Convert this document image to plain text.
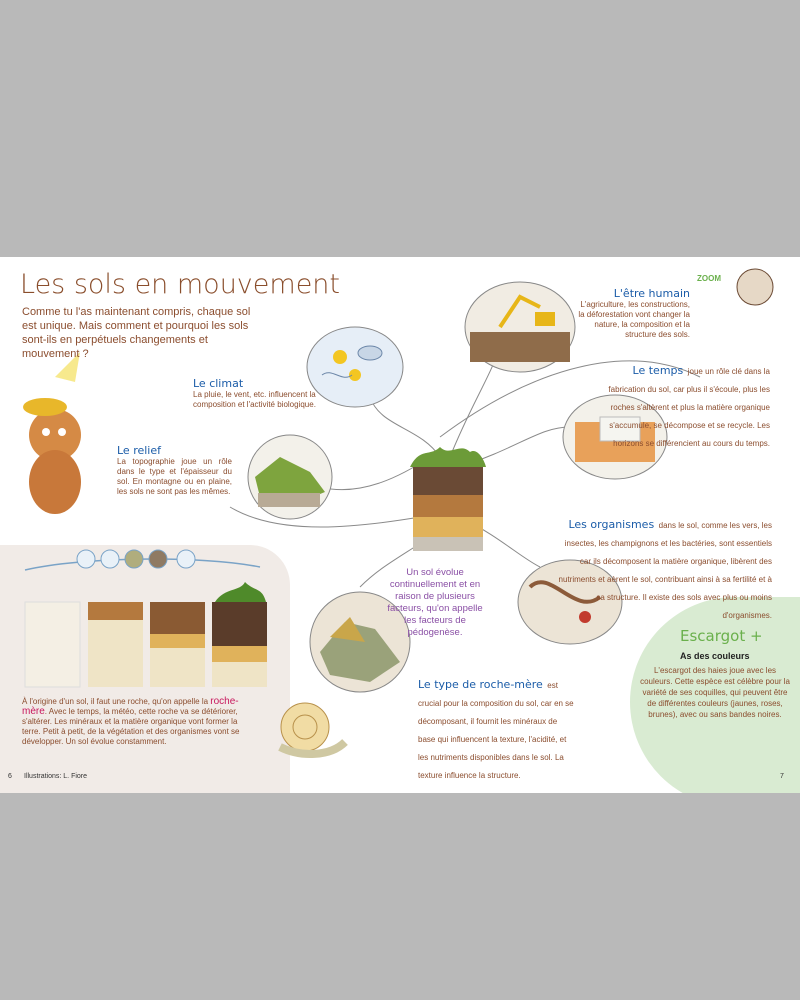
Les sols en mouvement
Comme tu l'as maintenant compris, chaque sol est unique. Mais comment et pourquoi les sols sont-ils en perpétuels changements et mouvement ?
Le climat
La pluie, le vent, etc. influencent la composition et l'activité biologique.
Le relief
La topographie joue un rôle dans le type et l'épaisseur du sol. En montagne ou en plaine, les sols ne sont pas les mêmes.
L'être humain
L'agriculture, les constructions, la déforestation vont changer la nature, la composition et la structure des sols.
Le temps joue un rôle clé dans la fabrication du sol, car plus il s'écoule, plus les roches s'altèrent et plus la matière organique s'accumule, se décompose et se recycle. Les horizons se différencient au cours du temps.
Les organismes dans le sol, comme les vers, les insectes, les champignons et les bactéries, sont essentiels car ils décomposent la matière organique, libèrent des nutriments et aèrent le sol, contribuant ainsi à sa fertilité et à sa structure. Il existe des sols avec plus ou moins d'organismes.
Le type de roche-mère est crucial pour la composition du sol, car en se décomposant, il fournit les minéraux de base qui influencent la texture, l'acidité, et les nutriments disponibles dans le sol. La texture influence la structure.
Un sol évolue continuellement et en raison de plusieurs facteurs, qu'on appelle les facteurs de pédogenèse.
À l'origine d'un sol, il faut une roche, qu'on appelle la roche-mère. Avec le temps, la météo, cette roche va se détériorer, s'altérer. Les minéraux et la matière organique vont former la terre. Petit à petit, de la végétation et des organismes vont se développer. Un sol évolue constamment.
ZOOM
Escargot +
As des couleurs
L'escargot des haies joue avec les couleurs. Cette espèce est célèbre pour la variété de ses coquilles, qui peuvent être de différentes couleurs (jaunes, roses, brunes), avec ou sans bandes noires.
6 Illustrations: L. Fiore	7
